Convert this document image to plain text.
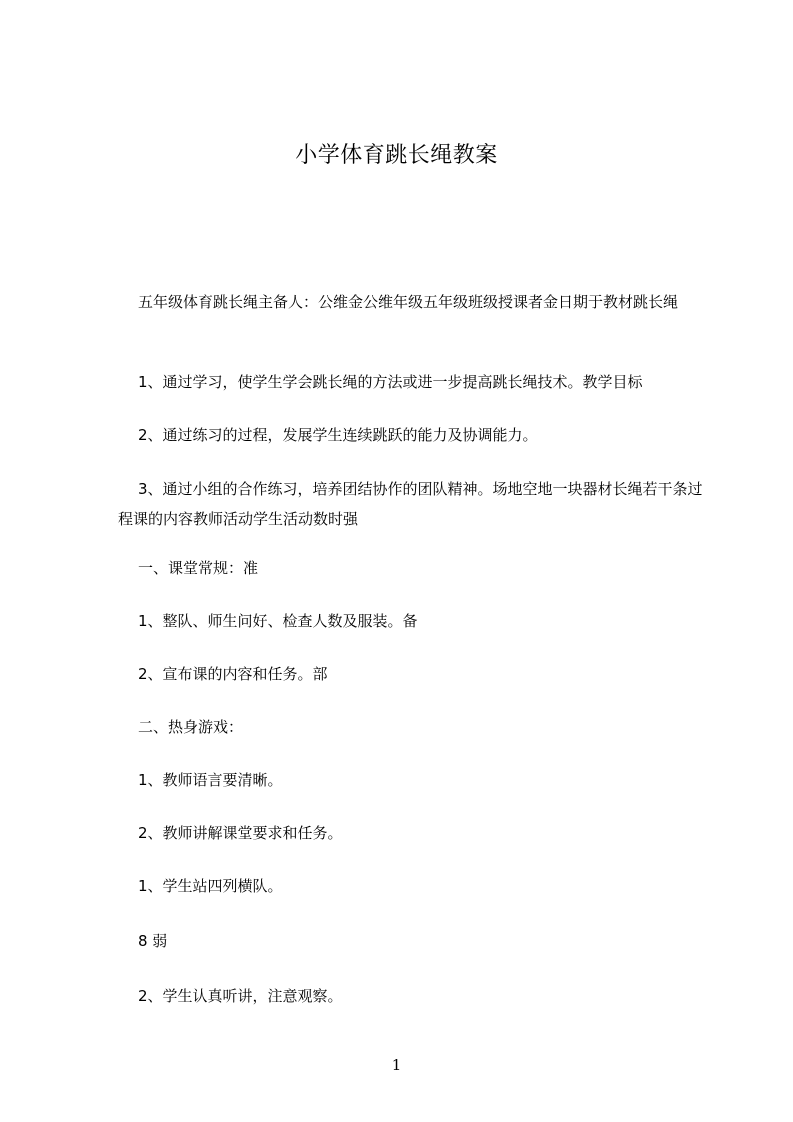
小学体育跳长绳教案

五年级体育跳长绳主备人：公维金公维年级五年级班级授课者金日期于教材跳长绳

1、通过学习，使学生学会跳长绳的方法或进一步提高跳长绳技术。教学目标

2、通过练习的过程，发展学生连续跳跃的能力及协调能力。

3、通过小组的合作练习，培养团结协作的团队精神。场地空地一块器材长绳若干条过程课的内容教师活动学生活动数时强

一、课堂常规：准

1、整队、师生问好、检查人数及服装。备

2、宣布课的内容和任务。部

二、热身游戏：

1、教师语言要清晰。

2、教师讲解课堂要求和任务。

1、学生站四列横队。

8 弱

2、学生认真听讲，注意观察。

1
